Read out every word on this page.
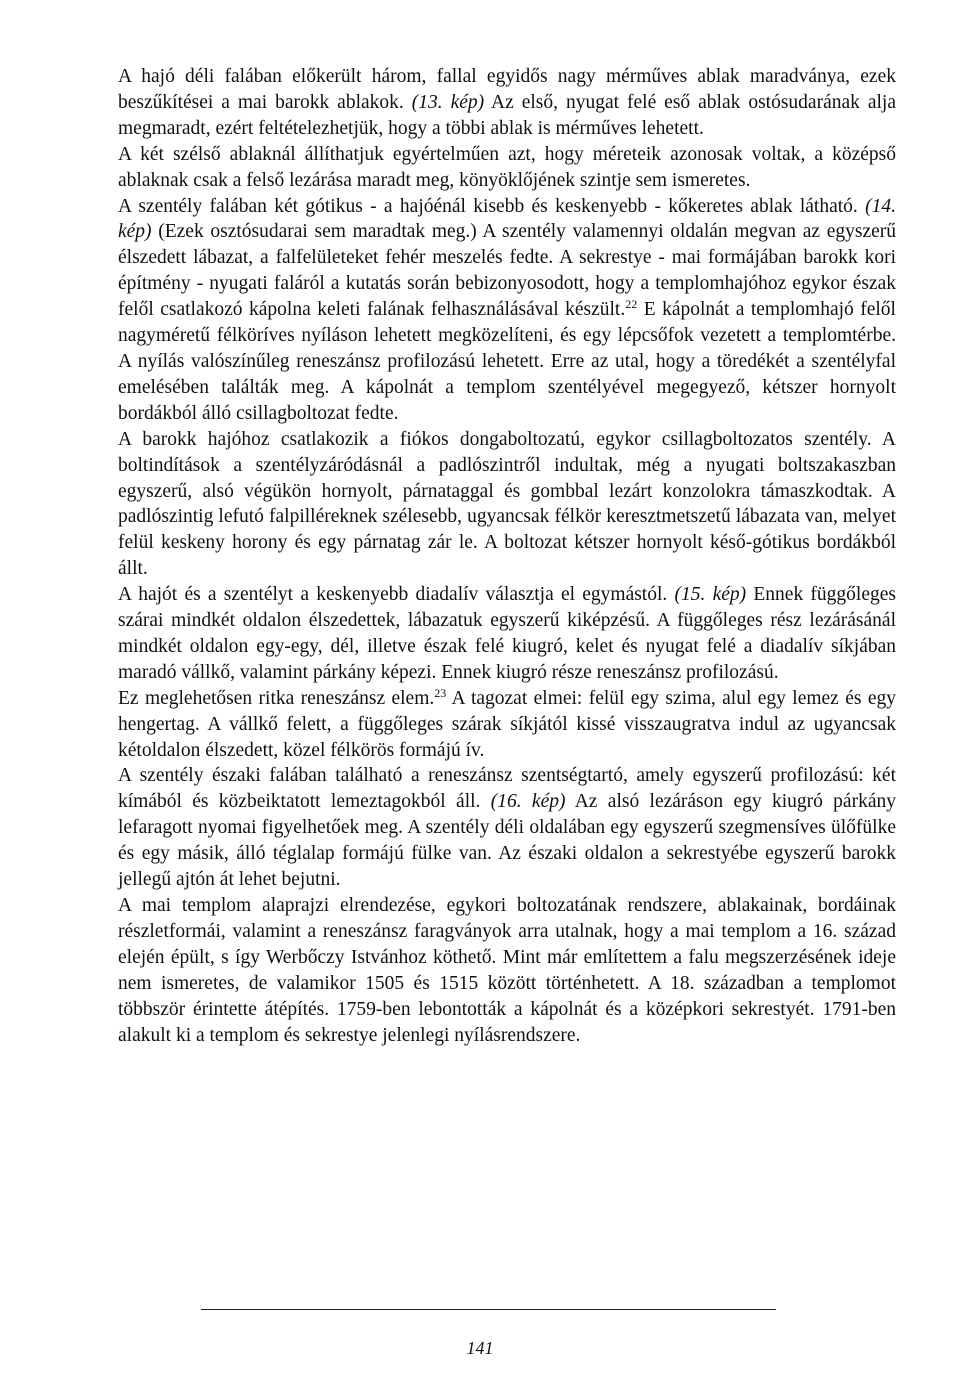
A hajó déli falában előkerült három, fallal egyidős nagy mérműves ablak maradványa, ezek beszűkítései a mai barokk ablakok. (13. kép) Az első, nyugat felé eső ablak ostósudarának alja megmaradt, ezért feltételezhetjük, hogy a többi ablak is mérműves lehetett.

A két szélső ablaknál állíthatjuk egyértelműen azt, hogy méreteik azonosak voltak, a középső ablaknak csak a felső lezárása maradt meg, könyöklőjének szintje sem ismeretes.

A szentély falában két gótikus - a hajóénál kisebb és keskenyebb - kőkeretes ablak látható. (14. kép) (Ezek osztósudarai sem maradtak meg.) A szentély valamennyi oldalán megvan az egyszerű élszedett lábazat, a falfelületeket fehér meszelés fedte. A sekrestye - mai formájában barokk kori építmény - nyugati faláról a kutatás során bebizonyosodott, hogy a templomhajóhoz egykor észak felől csatlakozó kápolna keleti falának felhasználásával készült.$^{22}$ E kápolnát a templomhajó felől nagyméretű félköríves nyíláson lehetett megközelíteni, és egy lépcsőfok vezetett a templomtérbe. A nyílás valószínűleg reneszánsz profilozású lehetett. Erre az utal, hogy a töredékét a szentélyfal emelésében találták meg. A kápolnát a templom szentélyével megegyező, kétszer hornyolt bordákból álló csillagboltozat fedte.

A barokk hajóhoz csatlakozik a fiókos dongaboltozatú, egykor csillagboltozatos szentély. A boltindítások a szentélyzáródásnál a padlószintről indultak, még a nyugati boltszakaszban egyszerű, alsó végükön hornyolt, párnataggal és gombbal lezárt konzolokra támaszkodtak. A padlószintig lefutó falpilléreknek szélesebb, ugyancsak félkör keresztmetszetű lábazata van, melyet felül keskeny horony és egy párnatag zár le. A boltozat kétszer hornyolt késő-gótikus bordákból állt.

A hajót és a szentélyt a keskenyebb diadalív választja el egymástól. (15. kép) Ennek függőleges szárai mindkét oldalon élszedettek, lábazatuk egyszerű kiképzésű. A függőleges rész lezárásánál mindkét oldalon egy-egy, dél, illetve észak felé kiugró, kelet és nyugat felé a diadalív síkjában maradó vállkő, valamint párkány képezi. Ennek kiugró része reneszánsz profilozású.

Ez meglehetősen ritka reneszánsz elem.$^{23}$ A tagozat elmei: felül egy szima, alul egy lemez és egy hengertag. A vállkő felett, a függőleges szárak síkjától kissé visszaugratva indul az ugyancsak kétoldalon élszedett, közel félkörös formájú ív.

A szentély északi falában található a reneszánsz szentségtartó, amely egyszerű profilozású: két kímából és közbeiktatott lemeztagokból áll. (16. kép) Az alsó lezáráson egy kiugró párkány lefaragott nyomai figyelhetőek meg. A szentély déli oldalában egy egyszerű szegmensíves ülőfülke és egy másik, álló téglalap formájú fülke van. Az északi oldalon a sekrestyébe egyszerű barokk jellegű ajtón át lehet bejutni.

A mai templom alaprajzi elrendezése, egykori boltozatának rendszere, ablakainak, bordáinak részletformái, valamint a reneszánsz faragványok arra utalnak, hogy a mai templom a 16. század elején épült, s így Werbőczy Istvánhoz köthető. Mint már említettem a falu megszerzésének ideje nem ismeretes, de valamikor 1505 és 1515 között történhetett. A 18. században a templomot többször érintette átépítés. 1759-ben lebontották a kápolnát és a középkori sekrestyét. 1791-ben alakult ki a templom és sekrestye jelenlegi nyílásrendszere.

141
